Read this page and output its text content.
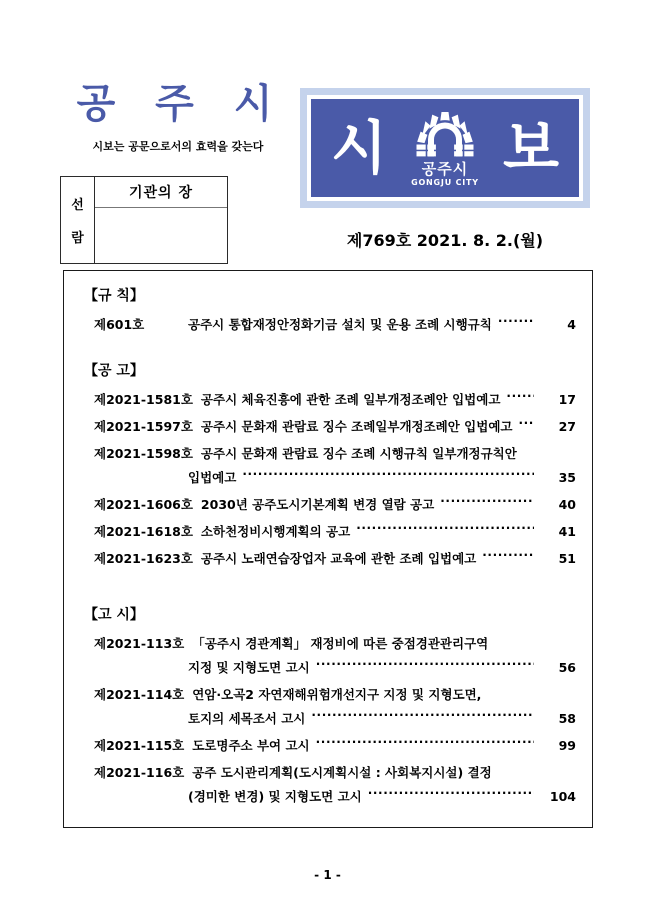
공 주 시
시보는 공문으로서의 효력을 갖는다
선
람
기관의 장
시 공주시
GONGJU CITY
보
제769호 2021. 8. 2.(월)
【규 칙】
제601호	공주시 통합재정안정화기금 설치 및 운용 조례 시행규칙 ·····	4
【공 고】
제2021-1581호 공주시 체육진흥에 관한 조례 일부개정조례안 입법예고 ·····	17
제2021-1597호 공주시 문화재 관람료 징수 조례일부개정조례안 입법예고 ·····	27
제2021-1598호 공주시 문화재 관람료 징수 조례 시행규칙 일부개정규칙안

입법예고 ·····	35
제2021-1606호 2030년 공주도시기본계획 변경 열람 공고 ·····	40
제2021-1618호 소하천정비시행계획의 공고 ·····	41
제2021-1623호 공주시 노래연습장업자 교육에 관한 조례 입법예고 ·····	51
【고 시】
제2021-113호 「공주시 경관계획」 재정비에 따른 중점경관관리구역

지정 및 지형도면 고시 ·····	56
제2021-114호 연암·오곡2 자연재해위험개선지구 지정 및 지형도면,

토지의 세목조서 고시 ·····	58
제2021-115호 도로명주소 부여 고시 ·····	99
제2021-116호 공주 도시관리계획(도시계획시설 : 사회복지시설) 결정

(경미한 변경) 및 지형도면 고시 ·····	104
- 1 -
